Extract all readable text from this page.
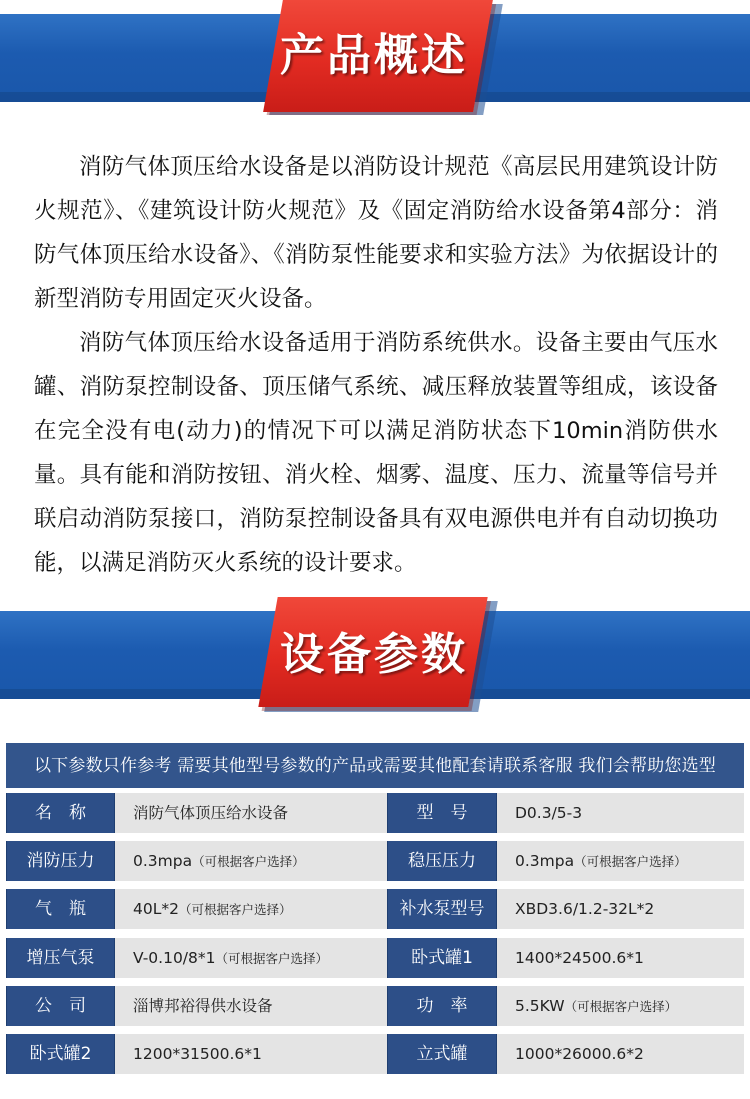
产品概述

消防气体顶压给水设备是以消防设计规范《高层民用建筑设计防火规范》、《建筑设计防火规范》及《固定消防给水设备第4部分：消防气体顶压给水设备》、《消防泵性能要求和实验方法》为依据设计的新型消防专用固定灭火设备。

消防气体顶压给水设备适用于消防系统供水。设备主要由气压水罐、消防泵控制设备、顶压储气系统、减压释放装置等组成，该设备在完全没有电(动力)的情况下可以满足消防状态下10min消防供水量。具有能和消防按钮、消火栓、烟雾、温度、压力、流量等信号并联启动消防泵接口，消防泵控制设备具有双电源供电并有自动切换功能，以满足消防灭火系统的设计要求。

设备参数
以下参数只作参考 需要其他型号参数的产品或需要其他配套请联系客服 我们会帮助您选型
名　称	消防气体顶压给水设备	型　号	D0.3/5-3
消防压力	0.3mpa（可根据客户选择）	稳压压力	0.3mpa（可根据客户选择）
气　瓶	40L*2（可根据客户选择）	补水泵型号	XBD3.6/1.2-32L*2
增压气泵	V-0.10/8*1（可根据客户选择）	卧式罐1	1400*24500.6*1
公　司	淄博邦裕得供水设备	功　率	5.5KW（可根据客户选择）
卧式罐2	1200*31500.6*1	立式罐	1000*26000.6*2
